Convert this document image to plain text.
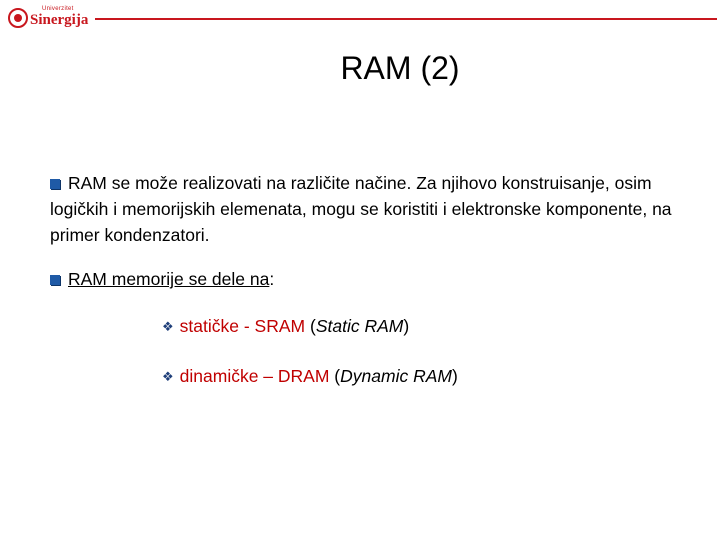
Univerzitet
Sinergija
RAM (2)
RAM se može realizovati na različite načine. Za njihovo konstruisanje, osim logičkih i memorijskih elemenata, mogu se koristiti i elektronske komponente, na primer kondenzatori.
RAM memorije se dele na:
❖ statičke - SRAM (Static RAM)
❖ dinamičke – DRAM (Dynamic RAM)
